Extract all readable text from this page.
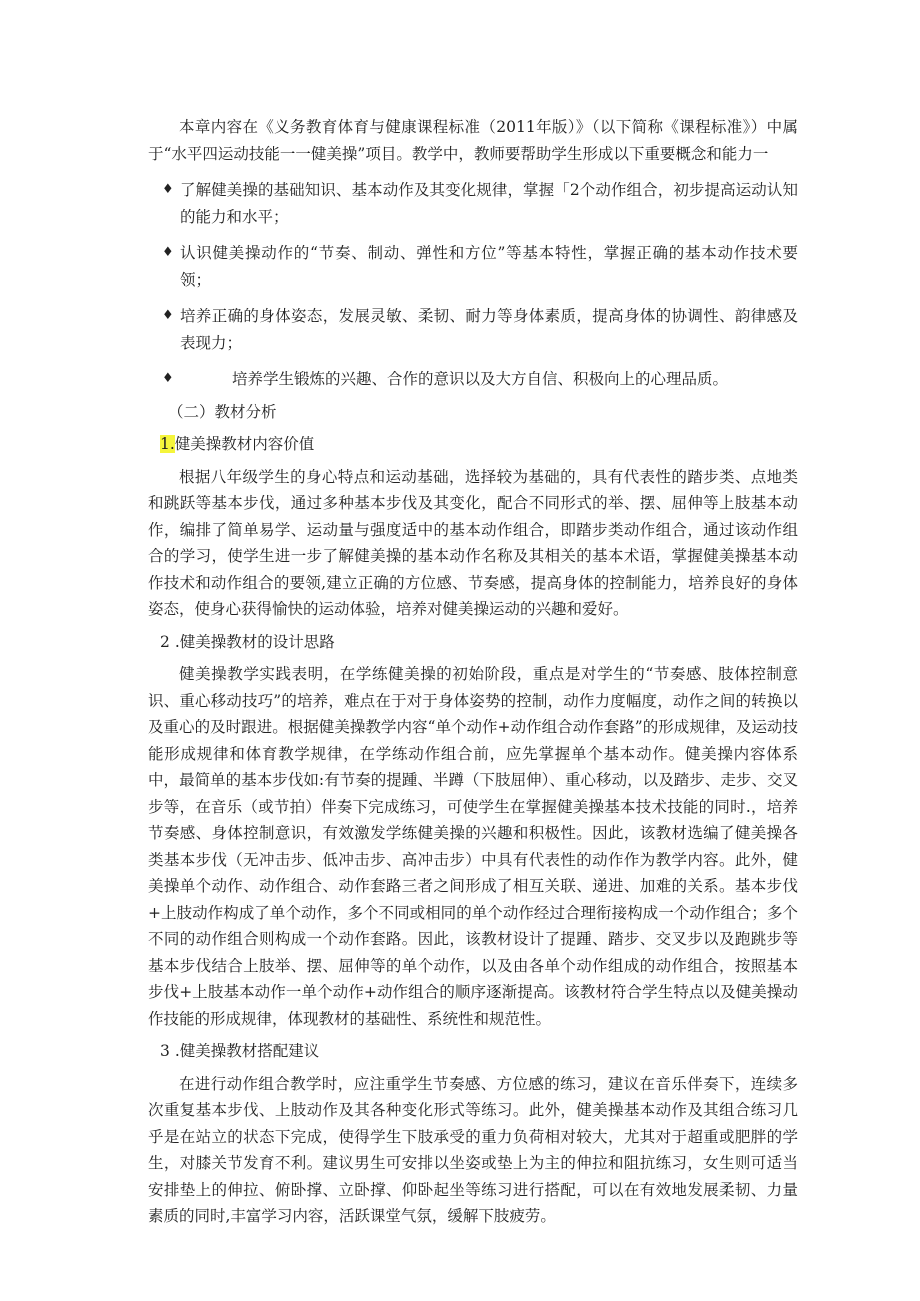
本章内容在《义务教育体育与健康课程标准（2011年版）》（以下简称《课程标准》）中属于“水平四运动技能一一健美操”项目。教学中，教师要帮助学生形成以下重要概念和能力一

♦ 了解健美操的基础知识、基本动作及其变化规律，掌握「2个动作组合，初步提高运动认知的能力和水平；

♦ 认识健美操动作的“节奏、制动、弹性和方位”等基本特性，掌握正确的基本动作技术要领；

♦ 培养正确的身体姿态，发展灵敏、柔韧、耐力等身体素质，提高身体的协调性、韵律感及表现力；

♦	培养学生锻炼的兴趣、合作的意识以及大方自信、积极向上的心理品质。

（二）教材分析

1.健美操教材内容价值

根据八年级学生的身心特点和运动基础，选择较为基础的，具有代表性的踏步类、点地类和跳跃等基本步伐，通过多种基本步伐及其变化，配合不同形式的举、摆、屈伸等上肢基本动作，编排了简单易学、运动量与强度适中的基本动作组合，即踏步类动作组合，通过该动作组合的学习，使学生进一步了解健美操的基本动作名称及其相关的基本术语，掌握健美操基本动作技术和动作组合的要领,建立正确的方位感、节奏感，提高身体的控制能力，培养良好的身体姿态，使身心获得愉快的运动体验，培养对健美操运动的兴趣和爱好。

2 .健美操教材的设计思路

健美操教学实践表明，在学练健美操的初始阶段，重点是对学生的“节奏感、肢体控制意识、重心移动技巧”的培养，难点在于对于身体姿势的控制，动作力度幅度，动作之间的转换以及重心的及时跟进。根据健美操教学内容“单个动作+动作组合动作套路”的形成规律，及运动技能形成规律和体育教学规律，在学练动作组合前，应先掌握单个基本动作。健美操内容体系中，最简单的基本步伐如:有节奏的提踵、半蹲（下肢屈伸）、重心移动，以及踏步、走步、交叉步等，在音乐（或节拍）伴奏下完成练习，可使学生在掌握健美操基本技术技能的同时.，培养节奏感、身体控制意识，有效激发学练健美操的兴趣和积极性。因此，该教材选编了健美操各类基本步伐（无冲击步、低冲击步、高冲击步）中具有代表性的动作作为教学内容。此外，健美操单个动作、动作组合、动作套路三者之间形成了相互关联、递进、加难的关系。基本步伐+上肢动作构成了单个动作，多个不同或相同的单个动作经过合理衔接构成一个动作组合；多个不同的动作组合则构成一个动作套路。因此，该教材设计了提踵、踏步、交叉步以及跑跳步等基本步伐结合上肢举、摆、屈伸等的单个动作，以及由各单个动作组成的动作组合，按照基本步伐+上肢基本动作一单个动作+动作组合的顺序逐渐提高。该教材符合学生特点以及健美操动作技能的形成规律，体现教材的基础性、系统性和规范性。

3 .健美操教材搭配建议

在进行动作组合教学时，应注重学生节奏感、方位感的练习，建议在音乐伴奏下，连续多次重复基本步伐、上肢动作及其各种变化形式等练习。此外，健美操基本动作及其组合练习几乎是在站立的状态下完成，使得学生下肢承受的重力负荷相对较大，尤其对于超重或肥胖的学生，对膝关节发育不利。建议男生可安排以坐姿或垫上为主的伸拉和阻抗练习，女生则可适当安排垫上的伸拉、俯卧撑、立卧撑、仰卧起坐等练习进行搭配，可以在有效地发展柔韧、力量素质的同时,丰富学习内容，活跃课堂气氛，缓解下肢疲劳。
